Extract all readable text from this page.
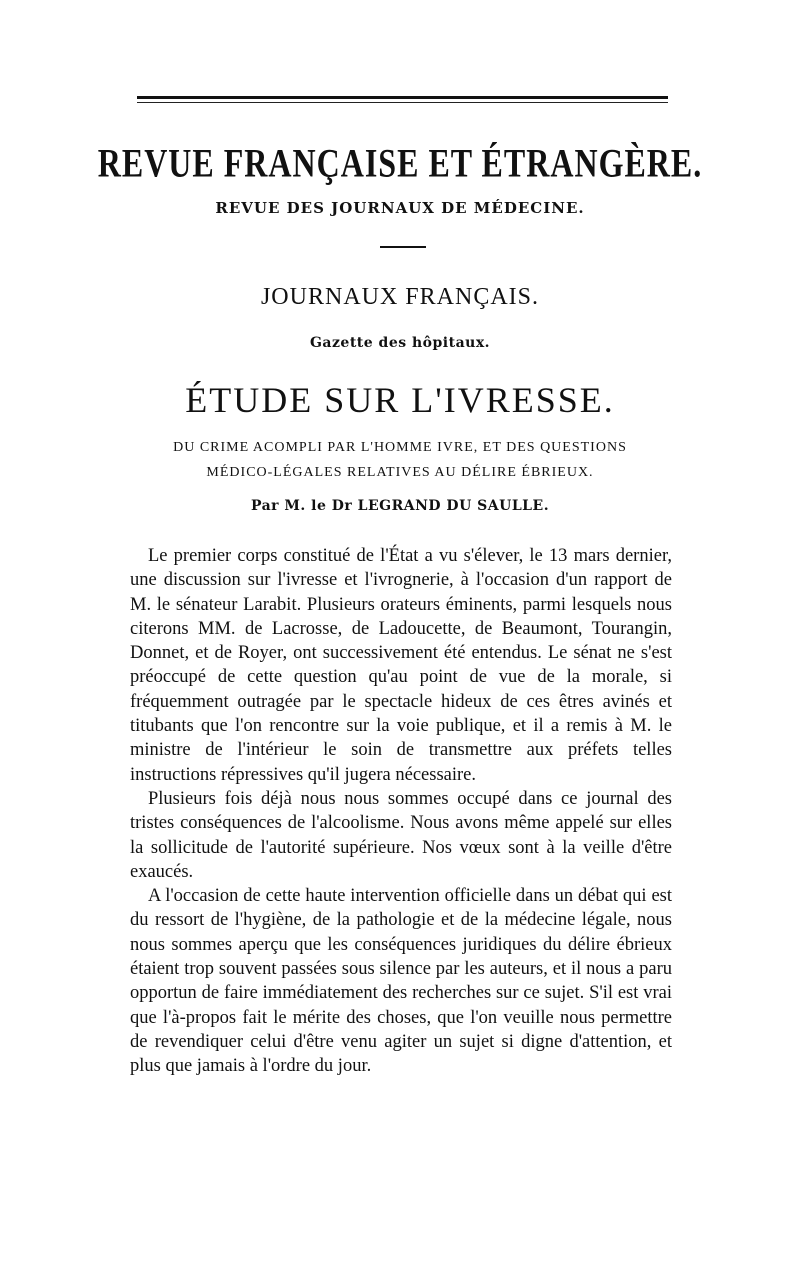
REVUE FRANÇAISE ET ÉTRANGÈRE.
REVUE DES JOURNAUX DE MÉDECINE.
JOURNAUX FRANÇAIS.
Gazette des hôpitaux.
ÉTUDE SUR L'IVRESSE.
DU CRIME ACOMPLI PAR L'HOMME IVRE, ET DES QUESTIONS
MÉDICO-LÉGALES RELATIVES AU DÉLIRE ÉBRIEUX.
Par M. le Dr LEGRAND DU SAULLE.

Le premier corps constitué de l'État a vu s'élever, le 13 mars dernier, une discussion sur l'ivresse et l'ivrognerie, à l'occasion d'un rapport de M. le sénateur Larabit. Plusieurs orateurs éminents, parmi lesquels nous citerons MM. de Lacrosse, de Ladoucette, de Beaumont, Tourangin, Donnet, et de Royer, ont successivement été entendus. Le sénat ne s'est préoccupé de cette question qu'au point de vue de la morale, si fréquemment outragée par le spectacle hideux de ces êtres avinés et titubants que l'on rencontre sur la voie publique, et il a remis à M. le ministre de l'intérieur le soin de transmettre aux préfets telles instructions répressives qu'il jugera nécessaire.

Plusieurs fois déjà nous nous sommes occupé dans ce journal des tristes conséquences de l'alcoolisme. Nous avons même appelé sur elles la sollicitude de l'autorité supérieure. Nos vœux sont à la veille d'être exaucés.

A l'occasion de cette haute intervention officielle dans un débat qui est du ressort de l'hygiène, de la pathologie et de la médecine légale, nous nous sommes aperçu que les conséquences juridiques du délire ébrieux étaient trop souvent passées sous silence par les auteurs, et il nous a paru opportun de faire immédiatement des recherches sur ce sujet. S'il est vrai que l'à-propos fait le mérite des choses, que l'on veuille nous permettre de revendiquer celui d'être venu agiter un sujet si digne d'attention, et plus que jamais à l'ordre du jour.
